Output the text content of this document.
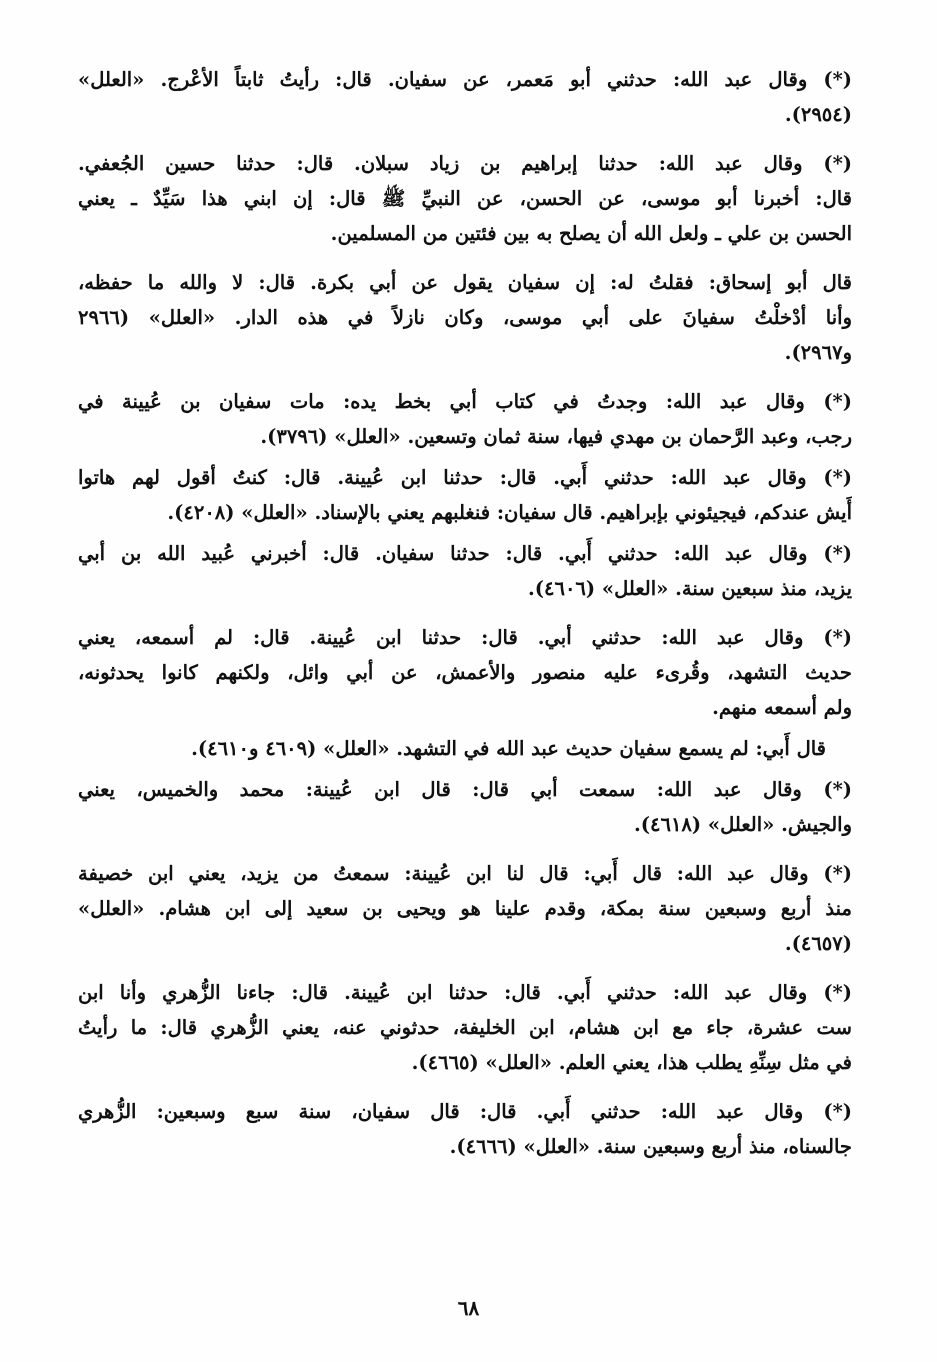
(*) وقال عبد الله: حدثني أبو مَعمر، عن سفيان. قال: رأيتُ ثابتاً الأعْرج. «العلل»
(٢٩٥٤).
(*) وقال عبد الله: حدثنا إبراهيم بن زياد سبلان. قال: حدثنا حسين الجُعفي.
قال: أخبرنا أبو موسى، عن الحسن، عن النبيِّ ﷺ قال: إن ابني هذا سَيِّدٌ ـ يعني
الحسن بن علي ـ ولعل الله أن يصلح به بين فئتين من المسلمين.
قال أبو إسحاق: فقلتُ له: إن سفيان يقول عن أبي بكرة. قال: لا والله ما حفظه،
وأنا أدْخلْتُ سفيانَ على أبي موسى، وكان نازلاً في هذه الدار. «العلل» (٢٩٦٦
و٢٩٦٧).
(*) وقال عبد الله: وجدتُ في كتاب أبي بخط يده: مات سفيان بن عُيينة في
رجب، وعبد الرَّحمان بن مهدي فيها، سنة ثمان وتسعين. «العلل» (٣٧٩٦).
(*) وقال عبد الله: حدثني أَبي. قال: حدثنا ابن عُيينة. قال: كنتُ أقول لهم هاتوا
أَيش عندكم، فيجيئوني بإبراهيم. قال سفيان: فنغلبهم يعني بالإسناد. «العلل» (٤٢٠٨).
(*) وقال عبد الله: حدثني أَبي. قال: حدثنا سفيان. قال: أخبرني عُبيد الله بن أبي
يزيد، منذ سبعين سنة. «العلل» (٤٦٠٦).
(*) وقال عبد الله: حدثني أبي. قال: حدثنا ابن عُيينة. قال: لم أسمعه، يعني
حديث التشهد، وقُرىء عليه منصور والأعمش، عن أبي وائل، ولكنهم كانوا يحدثونه،
ولم أسمعه منهم.
قال أَبي: لم يسمع سفيان حديث عبد الله في التشهد. «العلل» (٤٦٠٩ و٤٦١٠).
(*) وقال عبد الله: سمعت أبي قال: قال ابن عُيينة: محمد والخميس، يعني
والجيش. «العلل» (٤٦١٨).
(*) وقال عبد الله: قال أَبي: قال لنا ابن عُيينة: سمعتُ من يزيد، يعني ابن خصيفة
منذ أربع وسبعين سنة بمكة، وقدم علينا هو ويحيى بن سعيد إلى ابن هشام. «العلل»
(٤٦٥٧).
(*) وقال عبد الله: حدثني أَبي. قال: حدثنا ابن عُيينة. قال: جاءنا الزُّهري وأنا ابن
ست عشرة، جاء مع ابن هشام، ابن الخليفة، حدثوني عنه، يعني الزُّهري قال: ما رأيتُ
في مثل سِنِّهِ يطلب هذا، يعني العلم. «العلل» (٤٦٦٥).
(*) وقال عبد الله: حدثني أَبي. قال: قال سفيان، سنة سبع وسبعين: الزُّهري
جالسناه، منذ أربع وسبعين سنة. «العلل» (٤٦٦٦).
٦٨
